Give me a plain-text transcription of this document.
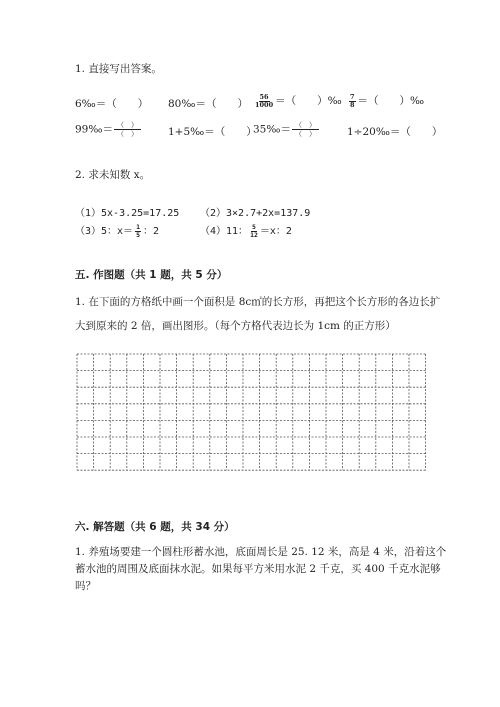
1. 直接写出答案。
6‰＝（　　） 80‰＝（　　） $\frac{56}{1000}$ ＝（　　）‰ $\frac{7}{8}$ ＝（　　）‰
99‰＝ $\frac{( )}{( )}$	1+5‰＝（　　）
35‰＝ $\frac{( )}{( )}$	1÷20‰＝（　　）
2. 求未知数 x。
（1）5x-3.25=17.25 （2）3×2.7+2x=137.9
（3）5：$x= \frac{1}{5}$ ：2	（4）11： $\frac{5}{12} =x$：2
五. 作图题（共 1 题，共 5 分）
1. 在下面的方格纸中画一个面积是 8c㎡的长方形，再把这个长方形的各边长扩
大到原来的 2 倍，画出图形。（每个方格代表边长为 1cm 的正方形）
六. 解答题（共 6 题，共 34 分）
1. 养殖场要建一个圆柱形蓄水池，底面周长是 25. 12 米，高是 4 米，沿着这个
蓄水池的周围及底面抹水泥。如果每平方米用水泥 2 千克，买 400 千克水泥够
吗？
